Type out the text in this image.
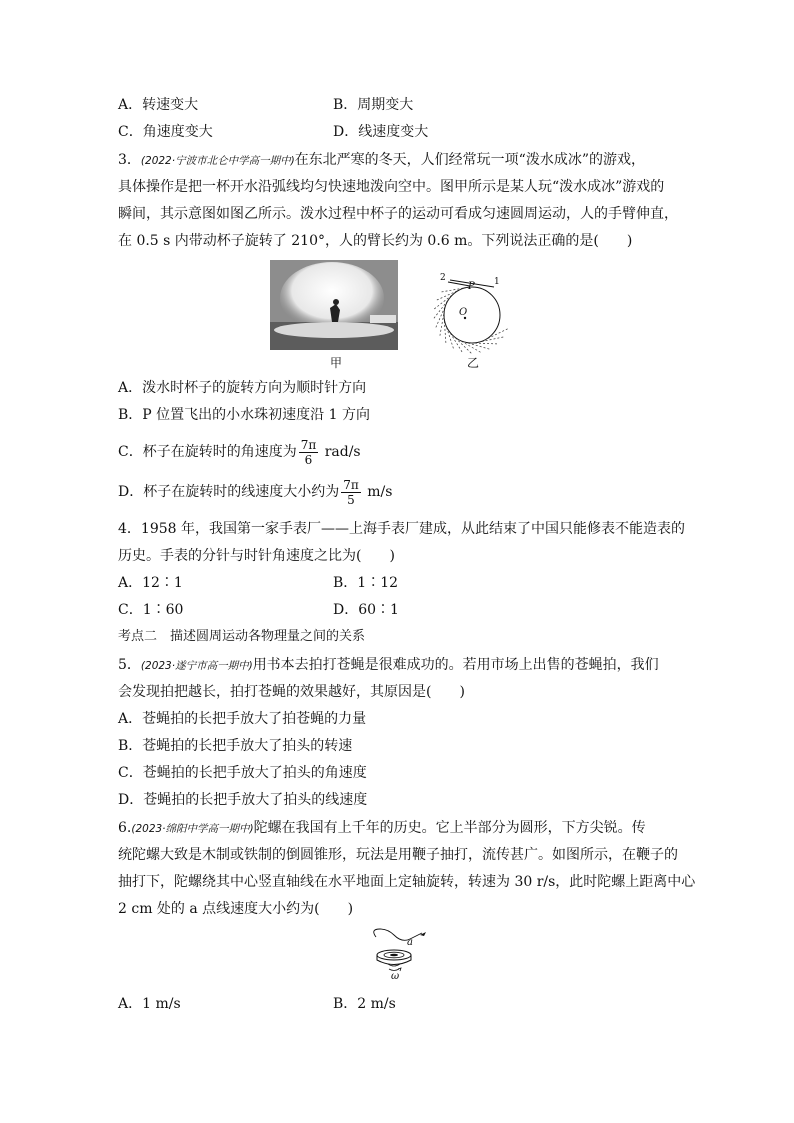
A．转速变大	B．周期变大
C．角速度变大	D．线速度变大
3．(2022·宁波市北仑中学高一期中)在东北严寒的冬天，人们经常玩一项“泼水成冰”的游戏，
具体操作是把一杯开水沿弧线均匀快速地泼向空中。图甲所示是某人玩“泼水成冰”游戏的
瞬间，其示意图如图乙所示。泼水过程中杯子的运动可看成匀速圆周运动，人的手臂伸直，
在 0.5 s 内带动杯子旋转了 210°，人的臂长约为 0.6 m。下列说法正确的是(　　)
P
O
1
2
甲	乙
A．泼水时杯子的旋转方向为顺时针方向
B．P 位置飞出的小水珠初速度沿 1 方向
C．杯子在旋转时的角速度为 $\frac{7\pi}{6} rad/s$
D．杯子在旋转时的线速度大小约为 $\frac{7\pi}{5} m/s$
4．1958 年，我国第一家手表厂——上海手表厂建成，从此结束了中国只能修表不能造表的
历史。手表的分针与时针角速度之比为(　　)
A．12∶1	B．1∶12
C．1∶60	D．60∶1
考点二　描述圆周运动各物理量之间的关系
5．(2023·遂宁市高一期中)用书本去拍打苍蝇是很难成功的。若用市场上出售的苍蝇拍，我们
会发现拍把越长，拍打苍蝇的效果越好，其原因是(　　)
A．苍蝇拍的长把手放大了拍苍蝇的力量
B．苍蝇拍的长把手放大了拍头的转速
C．苍蝇拍的长把手放大了拍头的角速度
D．苍蝇拍的长把手放大了拍头的线速度
6.(2023·绵阳中学高一期中)陀螺在我国有上千年的历史。它上半部分为圆形，下方尖锐。传
统陀螺大致是木制或铁制的倒圆锥形，玩法是用鞭子抽打，流传甚广。如图所示，在鞭子的
抽打下，陀螺绕其中心竖直轴线在水平地面上定轴旋转，转速为 30 r/s，此时陀螺上距离中心
2 cm 处的 a 点线速度大小约为(　　)
a
ω
A．1 m/s	B．2 m/s
